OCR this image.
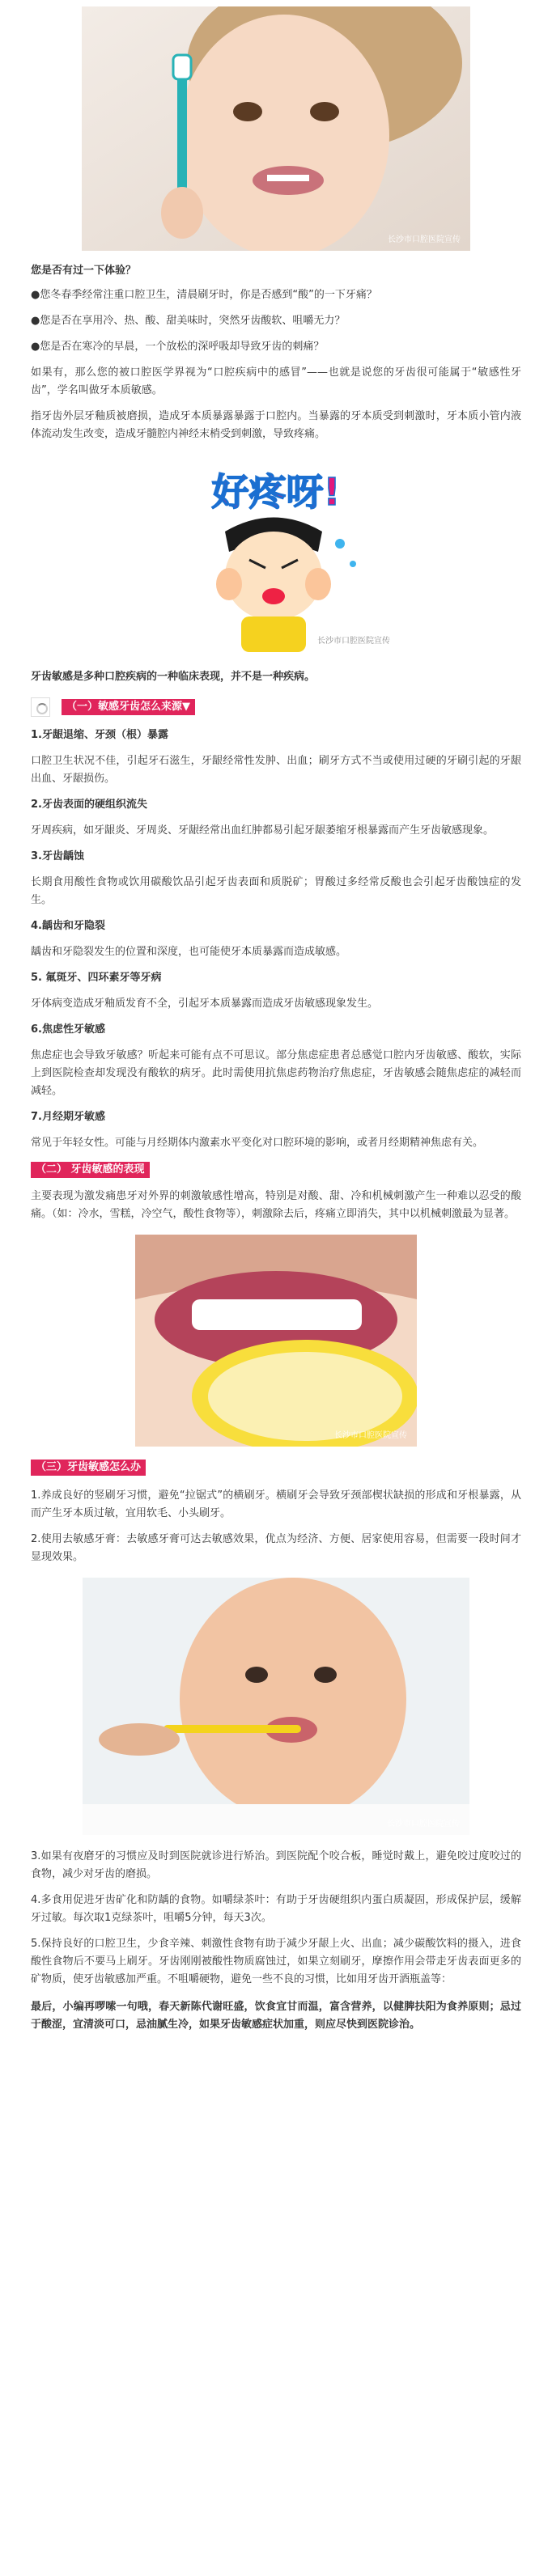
长沙市口腔医院宣传

您是否有过一下体验？

●您冬春季经常注重口腔卫生，清晨刷牙时，你是否感到“酸”的一下牙痛？

●您是否在享用冷、热、酸、甜美味时，突然牙齿酸软、咀嚼无力？

●您是否在寒冷的早晨，一个放松的深呼吸却导致牙齿的刺痛？

如果有，那么您的被口腔医学界视为“口腔疾病中的感冒”——也就是说您的牙齿很可能属于“敏感性牙齿”，学名叫做牙本质敏感。

指牙齿外层牙釉质被磨损，造成牙本质暴露暴露于口腔内。当暴露的牙本质受到刺激时，牙本质小管内液体流动发生改变，造成牙髓腔内神经末梢受到刺激，导致疼痛。

好疼呀!
长沙市口腔医院宣传

牙齿敏感是多种口腔疾病的一种临床表现，并不是一种疾病。

（一）敏感牙齿怎么来源▼

1.牙龈退缩、牙颈（根）暴露

口腔卫生状况不佳，引起牙石滋生，牙龈经常性发肿、出血；刷牙方式不当或使用过硬的牙刷引起的牙龈出血、牙龈损伤。

2.牙齿表面的硬组织流失

牙周疾病，如牙龈炎、牙周炎、牙龈经常出血红肿都易引起牙龈萎缩牙根暴露而产生牙齿敏感现象。

3.牙齿龋蚀

长期食用酸性食物或饮用碳酸饮品引起牙齿表面和质脱矿；胃酸过多经常反酸也会引起牙齿酸蚀症的发生。

4.龋齿和牙隐裂

龋齿和牙隐裂发生的位置和深度，也可能使牙本质暴露而造成敏感。

5. 氟斑牙、四环素牙等牙病

牙体病变造成牙釉质发育不全，引起牙本质暴露而造成牙齿敏感现象发生。

6.焦虑性牙敏感

焦虑症也会导致牙敏感？听起来可能有点不可思议。部分焦虑症患者总感觉口腔内牙齿敏感、酸软，实际上到医院检查却发现没有酸软的病牙。此时需使用抗焦虑药物治疗焦虑症，牙齿敏感会随焦虑症的减轻而减轻。

7.月经期牙敏感

常见于年轻女性。可能与月经期体内激素水平变化对口腔环境的影响，或者月经期精神焦虑有关。

（二） 牙齿敏感的表现

主要表现为激发痛患牙对外界的刺激敏感性增高，特别是对酸、甜、冷和机械刺激产生一种难以忍受的酸痛。（如：冷水，雪糕，冷空气，酸性食物等），刺激除去后，疼痛立即消失，其中以机械刺激最为显著。

长沙市口腔医院宣传
（三）牙齿敏感怎么办

1.养成良好的竖刷牙习惯，避免“拉锯式”的横刷牙。横刷牙会导致牙颈部楔状缺损的形成和牙根暴露，从而产生牙本质过敏，宜用软毛、小头刷牙。

2.使用去敏感牙膏：去敏感牙膏可达去敏感效果，优点为经济、方便、居家使用容易，但需要一段时间才显现效果。

长沙市口腔医院宣传

3.如果有夜磨牙的习惯应及时到医院就诊进行矫治。到医院配个咬合板，睡觉时戴上，避免咬过度咬过的食物，减少对牙齿的磨损。

4.多食用促进牙齿矿化和防龋的食物。如嚼绿茶叶：有助于牙齿硬组织内蛋白质凝固，形成保护层，缓解牙过敏。每次取1克绿茶叶，咀嚼5分钟，每天3次。

5.保持良好的口腔卫生，少食辛辣、刺激性食物有助于减少牙龈上火、出血；减少碳酸饮料的摄入，进食酸性食物后不要马上刷牙。牙齿刚刚被酸性物质腐蚀过，如果立刻刷牙，摩擦作用会带走牙齿表面更多的矿物质，使牙齿敏感加严重。不咀嚼硬物，避免一些不良的习惯，比如用牙齿开酒瓶盖等：

最后，小编再啰嗦一句哦，春天新陈代谢旺盛，饮食宜甘而温，富含营养，以健脾扶阳为食养原则；忌过于酸涩，宜清淡可口，忌油腻生冷，如果牙齿敏感症状加重，则应尽快到医院诊治。
